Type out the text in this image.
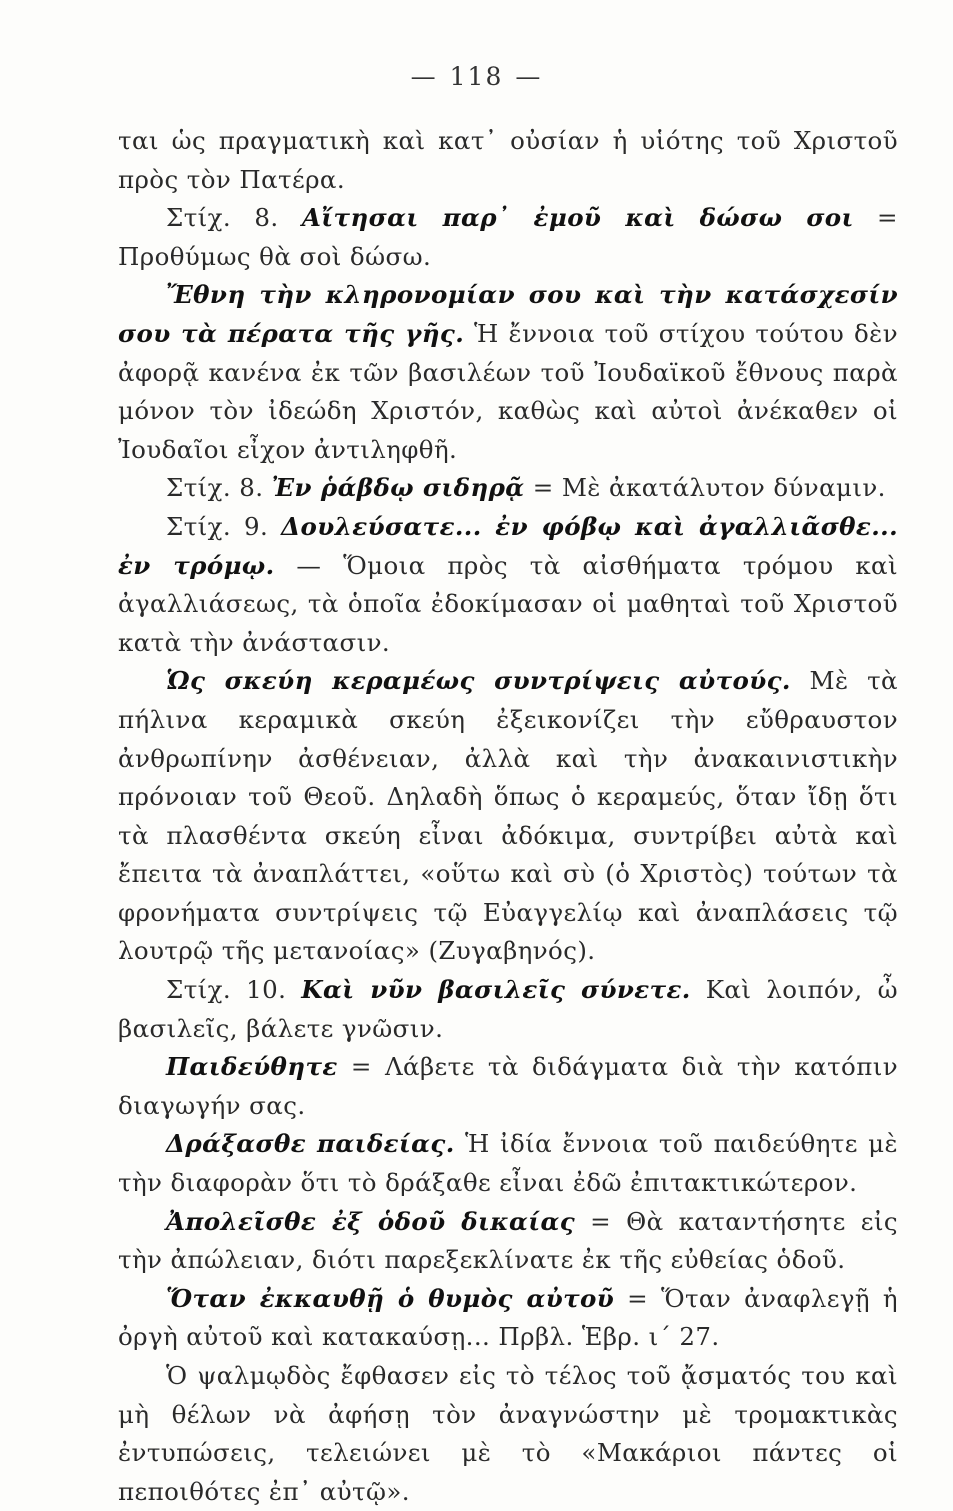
— 118 —

ται ὡς πραγματικὴ καὶ κατ᾽ οὐσίαν ἡ υἱότης τοῦ Χριστοῦ πρὸς τὸν Πατέρα.

Στίχ. 8. Αἴτησαι παρ᾽ ἐμοῦ καὶ δώσω σοι = Προθύμως θὰ σοὶ δώσω.

Ἔθνη τὴν κληρονομίαν σου καὶ τὴν κατάσχεσίν σου τὰ πέρατα τῆς γῆς. Ἡ ἔννοια τοῦ στίχου τούτου δὲν ἀφορᾷ κανένα ἐκ τῶν βασιλέων τοῦ Ἰουδαϊκοῦ ἔθνους παρὰ μόνον τὸν ἰδεώδη Χριστόν, καθὼς καὶ αὐτοὶ ἀνέκαθεν οἱ Ἰουδαῖοι εἶχον ἀντιληφθῆ.

Στίχ. 8. Ἐν ῥάβδῳ σιδηρᾷ = Μὲ ἀκατάλυτον δύναμιν.

Στίχ. 9. Δουλεύσατε... ἐν φόβῳ καὶ ἀγαλλιᾶσθε... ἐν τρόμῳ. — Ὅμοια πρὸς τὰ αἰσθήματα τρόμου καὶ ἀγαλλιάσεως, τὰ ὁποῖα ἐδοκίμασαν οἱ μαθηταὶ τοῦ Χριστοῦ κατὰ τὴν ἀνάστασιν.

Ὡς σκεύη κεραμέως συντρίψεις αὐτούς. Μὲ τὰ πήλινα κεραμικὰ σκεύη ἐξεικονίζει τὴν εὔθραυστον ἀνθρωπίνην ἀσθένειαν, ἀλλὰ καὶ τὴν ἀνακαινιστικὴν πρόνοιαν τοῦ Θεοῦ. Δηλαδὴ ὅπως ὁ κεραμεύς, ὅταν ἴδῃ ὅτι τὰ πλασθέντα σκεύη εἶναι ἀδόκιμα, συντρίβει αὐτὰ καὶ ἔπειτα τὰ ἀναπλάττει, «οὕτω καὶ σὺ (ὁ Χριστὸς) τούτων τὰ φρονήματα συντρίψεις τῷ Εὐαγγελίῳ καὶ ἀναπλάσεις τῷ λουτρῷ τῆς μετανοίας» (Ζυγαβηνός).

Στίχ. 10. Καὶ νῦν βασιλεῖς σύνετε. Καὶ λοιπόν, ὦ βασιλεῖς, βάλετε γνῶσιν.

Παιδεύθητε = Λάβετε τὰ διδάγματα διὰ τὴν κατόπιν διαγωγήν σας.

Δράξασθε παιδείας. Ἡ ἰδία ἔννοια τοῦ παιδεύθητε μὲ τὴν διαφορὰν ὅτι τὸ δράξαθε εἶναι ἐδῶ ἐπιτακτικώτερον.

Ἀπολεῖσθε ἐξ ὁδοῦ δικαίας = Θὰ καταντήσητε εἰς τὴν ἀπώλειαν, διότι παρεξεκλίνατε ἐκ τῆς εὐθείας ὁδοῦ.

Ὅταν ἐκκαυθῇ ὁ θυμὸς αὐτοῦ = Ὅταν ἀναφλεγῇ ἡ ὀργὴ αὐτοῦ καὶ κατακαύσῃ... Πρβλ. Ἑβρ. ι΄ 27.

Ὁ ψαλμῳδὸς ἔφθασεν εἰς τὸ τέλος τοῦ ᾄσματός του καὶ μὴ θέλων νὰ ἀφήσῃ τὸν ἀναγνώστην μὲ τρομακτικὰς ἐντυπώσεις, τελειώνει μὲ τὸ «Μακάριοι πάντες οἱ πεποιθότες ἐπ᾽ αὐτῷ».
